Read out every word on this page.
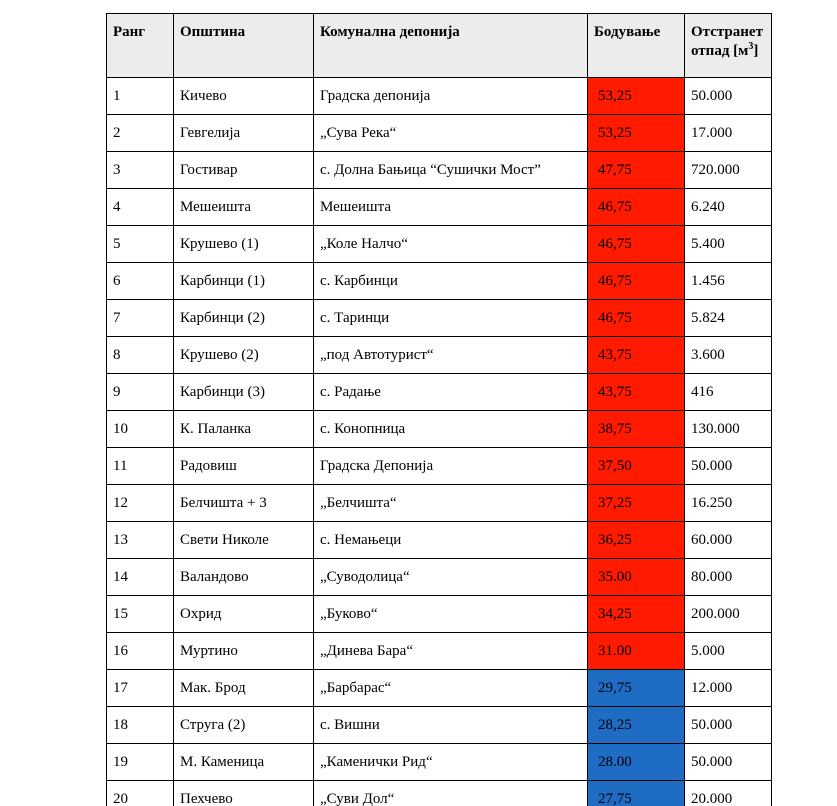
Ранг	Општина	Комунална депонија	Бодување	Отстранет
отпад $[м^3]$

1	Кичево	Градска депонија	53,25	50.000
2	Гевгелија	„Сува Река“	53,25	17.000
3	Гостивар	с. Долна Бањица “Сушички Мост”	47,75	720.000
4	Мешеишта	Мешеишта	46,75	6.240
5	Крушево (1)	„Коле Налчо“	46,75	5.400
6	Карбинци (1)	с. Карбинци	46,75	1.456
7	Карбинци (2)	с. Таринци	46,75	5.824
8	Крушево (2)	„под Автотурист“	43,75	3.600
9	Карбинци (3)	с. Радање	43,75	416
10	К. Паланка	с. Конопница	38,75	130.000
11	Радовиш	Градска Депонија	37,50	50.000
12	Белчишта + 3	„Белчишта“	37,25	16.250
13	Свети Николе	с. Немањеци	36,25	60.000
14	Валандово	„Суводолица“	35.00	80.000
15	Охрид	„Буково“	34,25	200.000
16	Муртино	„Динева Бара“	31.00	5.000
17	Мак. Брод	„Барбарас“	29,75	12.000
18	Струга (2)	с. Вишни	28,25	50.000
19	М. Каменица	„Каменички Рид“	28.00	50.000
20	Пехчево	„Суви Дол“	27,75	20.000
